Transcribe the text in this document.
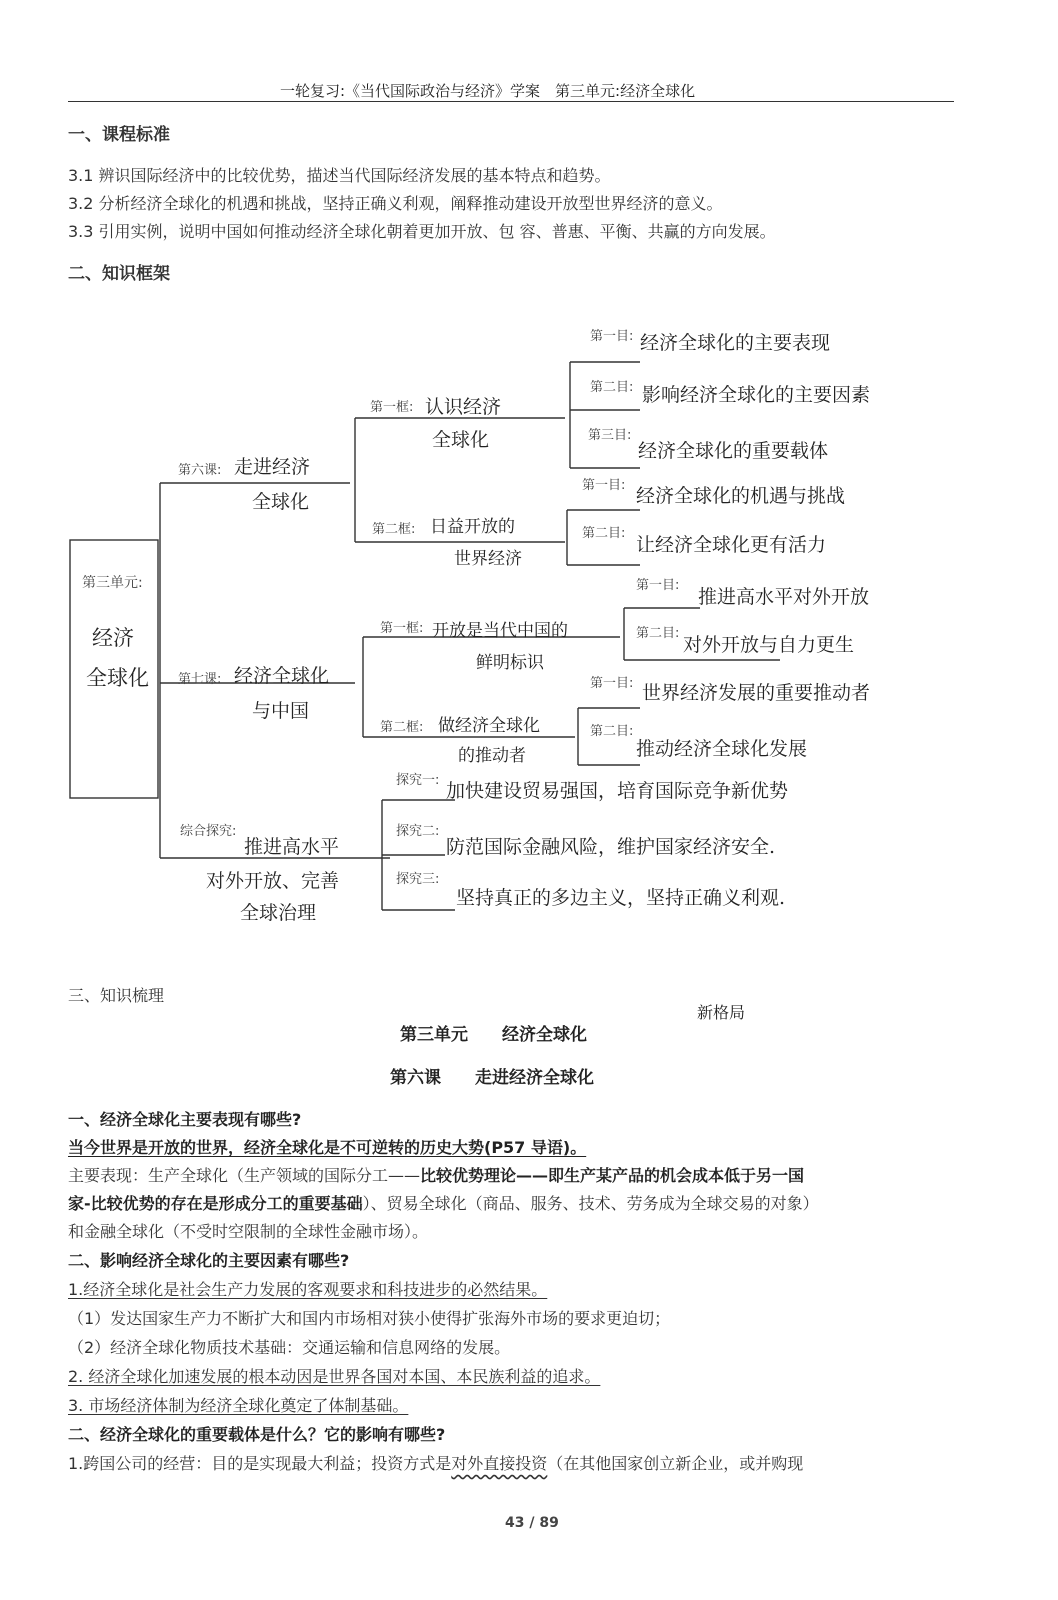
一轮复习:《当代国际政治与经济》学案　第三单元:经济全球化
一、课程标准
3.1 辨识国际经济中的比较优势，描述当代国际经济发展的基本特点和趋势。
3.2 分析经济全球化的机遇和挑战，坚持正确义利观，阐释推动建设开放型世界经济的意义。
3.3 引用实例，说明中国如何推动经济全球化朝着更加开放、包 容、普惠、平衡、共赢的方向发展。
二、知识框架
第三单元:
经济
全球化
第六课: 走进经济
全球化
第一框: 认识经济
全球化
第一目: 经济全球化的主要表现
第二目: 影响经济全球化的主要因素
第三目:
经济全球化的重要载体
第二框: 日益开放的
世界经济
第一目: 经济全球化的机遇与挑战
第二目:
让经济全球化更有活力
第七课: 经济全球化
与中国
第一框: 开放是当代中国的
鲜明标识
第一目:
推进高水平对外开放
第二目:
对外开放与自力更生
第二框: 做经济全球化
的推动者
第一目: 世界经济发展的重要推动者
第二目:
推动经济全球化发展
综合探究:
推进高水平
对外开放、完善
全球治理
探究一: 加快建设贸易强国，培育国际竞争新优势
探究二:
防范国际金融风险，维护国家经济安全.
探究三:
坚持真正的多边主义，坚持正确义利观.
三、知识梳理
新格局
第三单元　　经济全球化
第六课　　走进经济全球化
一、经济全球化主要表现有哪些?
当今世界是开放的世界，经济全球化是不可逆转的历史大势(P57 导语)。
主要表现：生产全球化（生产领域的国际分工——比较优势理论——即生产某产品的机会成本低于另一国
家-比较优势的存在是形成分工的重要基础）、贸易全球化（商品、服务、技术、劳务成为全球交易的对象）
和金融全球化（不受时空限制的全球性金融市场）。
二、影响经济全球化的主要因素有哪些?
1.经济全球化是社会生产力发展的客观要求和科技进步的必然结果。
（1）发达国家生产力不断扩大和国内市场相对狭小使得扩张海外市场的要求更迫切；
（2）经济全球化物质技术基础：交通运输和信息网络的发展。
2. 经济全球化加速发展的根本动因是世界各国对本国、本民族利益的追求。
3. 市场经济体制为经济全球化奠定了体制基础。
二、经济全球化的重要载体是什么？它的影响有哪些?
1.跨国公司的经营：目的是实现最大利益；投资方式是对外直接投资（在其他国家创立新企业，或并购现
43 / 89
